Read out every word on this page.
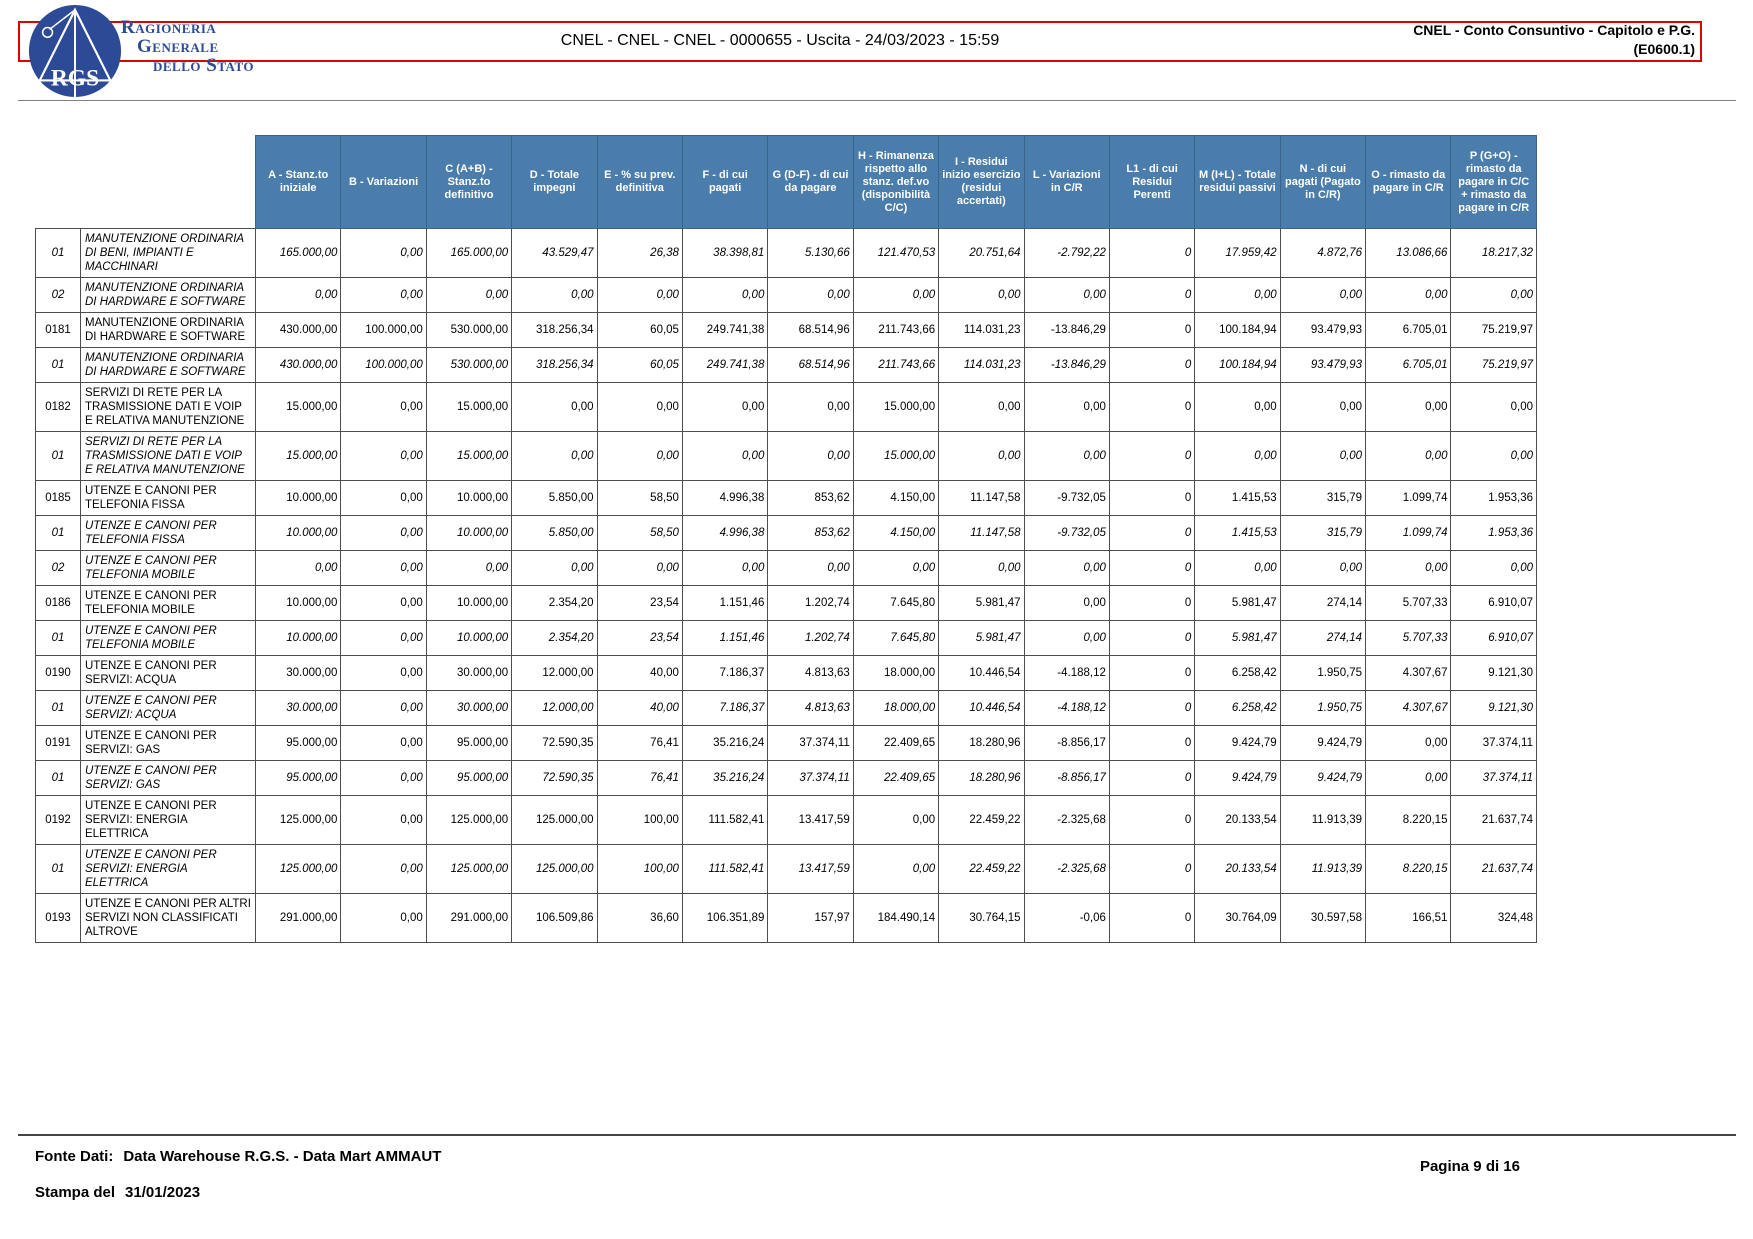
RGS
Ragioneria
Generale
dello Stato
CNEL - CNEL - CNEL - 0000655 - Uscita - 24/03/2023 - 15:59
CNEL - Conto Consuntivo - Capitolo e P.G.
(E0600.1)
		A - Stanz.to iniziale	B - Variazioni	C (A+B) - Stanz.to definitivo	D - Totale impegni	E - % su prev. definitiva	F - di cui pagati	G (D-F) - di cui da pagare	H - Rimanenza rispetto allo stanz. def.vo (disponibilità C/C)	I - Residui inizio esercizio (residui accertati)	L - Variazioni in C/R	L1 - di cui Residui Perenti	M (I+L) - Totale residui passivi	N - di cui pagati (Pagato in C/R)	O - rimasto da pagare in C/R	P (G+O) - rimasto da pagare in C/C + rimasto da pagare in C/R
01	MANUTENZIONE ORDINARIA DI BENI, IMPIANTI E MACCHINARI	165.000,00	0,00	165.000,00	43.529,47	26,38	38.398,81	5.130,66	121.470,53	20.751,64	-2.792,22	0	17.959,42	4.872,76	13.086,66	18.217,32
02	MANUTENZIONE ORDINARIA DI HARDWARE E SOFTWARE	0,00	0,00	0,00	0,00	0,00	0,00	0,00	0,00	0,00	0,00	0	0,00	0,00	0,00	0,00
0181	MANUTENZIONE ORDINARIA DI HARDWARE E SOFTWARE	430.000,00	100.000,00	530.000,00	318.256,34	60,05	249.741,38	68.514,96	211.743,66	114.031,23	-13.846,29	0	100.184,94	93.479,93	6.705,01	75.219,97
01	MANUTENZIONE ORDINARIA DI HARDWARE E SOFTWARE	430.000,00	100.000,00	530.000,00	318.256,34	60,05	249.741,38	68.514,96	211.743,66	114.031,23	-13.846,29	0	100.184,94	93.479,93	6.705,01	75.219,97
0182	SERVIZI DI RETE PER LA TRASMISSIONE DATI E VOIP E RELATIVA MANUTENZIONE	15.000,00	0,00	15.000,00	0,00	0,00	0,00	0,00	15.000,00	0,00	0,00	0	0,00	0,00	0,00	0,00
01	SERVIZI DI RETE PER LA TRASMISSIONE DATI E VOIP E RELATIVA MANUTENZIONE	15.000,00	0,00	15.000,00	0,00	0,00	0,00	0,00	15.000,00	0,00	0,00	0	0,00	0,00	0,00	0,00
0185	UTENZE E CANONI PER TELEFONIA FISSA	10.000,00	0,00	10.000,00	5.850,00	58,50	4.996,38	853,62	4.150,00	11.147,58	-9.732,05	0	1.415,53	315,79	1.099,74	1.953,36
01	UTENZE E CANONI PER TELEFONIA FISSA	10.000,00	0,00	10.000,00	5.850,00	58,50	4.996,38	853,62	4.150,00	11.147,58	-9.732,05	0	1.415,53	315,79	1.099,74	1.953,36
02	UTENZE E CANONI PER TELEFONIA MOBILE	0,00	0,00	0,00	0,00	0,00	0,00	0,00	0,00	0,00	0,00	0	0,00	0,00	0,00	0,00
0186	UTENZE E CANONI PER TELEFONIA MOBILE	10.000,00	0,00	10.000,00	2.354,20	23,54	1.151,46	1.202,74	7.645,80	5.981,47	0,00	0	5.981,47	274,14	5.707,33	6.910,07
01	UTENZE E CANONI PER TELEFONIA MOBILE	10.000,00	0,00	10.000,00	2.354,20	23,54	1.151,46	1.202,74	7.645,80	5.981,47	0,00	0	5.981,47	274,14	5.707,33	6.910,07
0190	UTENZE E CANONI PER SERVIZI: ACQUA	30.000,00	0,00	30.000,00	12.000,00	40,00	7.186,37	4.813,63	18.000,00	10.446,54	-4.188,12	0	6.258,42	1.950,75	4.307,67	9.121,30
01	UTENZE E CANONI PER SERVIZI: ACQUA	30.000,00	0,00	30.000,00	12.000,00	40,00	7.186,37	4.813,63	18.000,00	10.446,54	-4.188,12	0	6.258,42	1.950,75	4.307,67	9.121,30
0191	UTENZE E CANONI PER SERVIZI: GAS	95.000,00	0,00	95.000,00	72.590,35	76,41	35.216,24	37.374,11	22.409,65	18.280,96	-8.856,17	0	9.424,79	9.424,79	0,00	37.374,11
01	UTENZE E CANONI PER SERVIZI: GAS	95.000,00	0,00	95.000,00	72.590,35	76,41	35.216,24	37.374,11	22.409,65	18.280,96	-8.856,17	0	9.424,79	9.424,79	0,00	37.374,11
0192	UTENZE E CANONI PER SERVIZI: ENERGIA ELETTRICA	125.000,00	0,00	125.000,00	125.000,00	100,00	111.582,41	13.417,59	0,00	22.459,22	-2.325,68	0	20.133,54	11.913,39	8.220,15	21.637,74
01	UTENZE E CANONI PER SERVIZI: ENERGIA ELETTRICA	125.000,00	0,00	125.000,00	125.000,00	100,00	111.582,41	13.417,59	0,00	22.459,22	-2.325,68	0	20.133,54	11.913,39	8.220,15	21.637,74
0193	UTENZE E CANONI PER ALTRI SERVIZI NON CLASSIFICATI ALTROVE	291.000,00	0,00	291.000,00	106.509,86	36,60	106.351,89	157,97	184.490,14	30.764,15	-0,06	0	30.764,09	30.597,58	166,51	324,48
Fonte Dati: Data Warehouse R.G.S. - Data Mart AMMAUT
Stampa del 31/01/2023
Pagina 9 di 16
